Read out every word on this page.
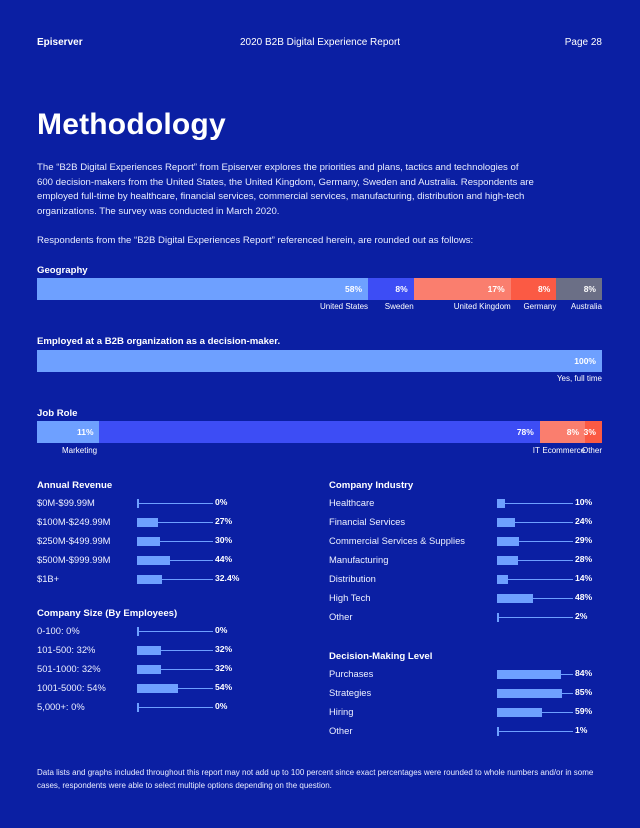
Episerver	2020 B2B Digital Experience Report	Page 28
Methodology
The “B2B Digital Experiences Report” from Episerver explores the priorities and plans, tactics and technologies of 600 decision-makers from the United States, the United Kingdom, Germany, Sweden and Australia. Respondents are employed full-time by healthcare, financial services, commercial services, manufacturing, distribution and high-tech organizations. The survey was conducted in March 2020.
Respondents from the “B2B Digital Experiences Report” referenced herein, are rounded out as follows:
Geography
58%	8%	17%	8%	8%
United States Sweden	United Kingdom Germany Australia
Employed at a B2B organization as a decision-maker.
100%
Yes, full time
Job Role
11%	78%	8% 3%
Marketing	IT Ecommerce
Other
Annual Revenue
$0M-$99.99M	0%
$100M-$249.99M	27%
$250M-$499.99M	30%
$500M-$999.99M	44%
$1B+	32.4%
Company Size (By Employees)
0-100: 0%	0%
101-500: 32%	32%
501-1000: 32%	32%
1001-5000: 54%	54%
5,000+: 0%	0%
Company Industry
Healthcare	10%
Financial Services	24%
Commercial Services & Supplies	29%
Manufacturing	28%
Distribution	14%
High Tech	48%
Other	2%
Decision-Making Level
Purchases	84%
Strategies	85%
Hiring	59%
Other	1%
Data lists and graphs included throughout this report may not add up to 100 percent since exact percentages were rounded to whole numbers and/or in some cases, respondents were able to select multiple options depending on the question.
